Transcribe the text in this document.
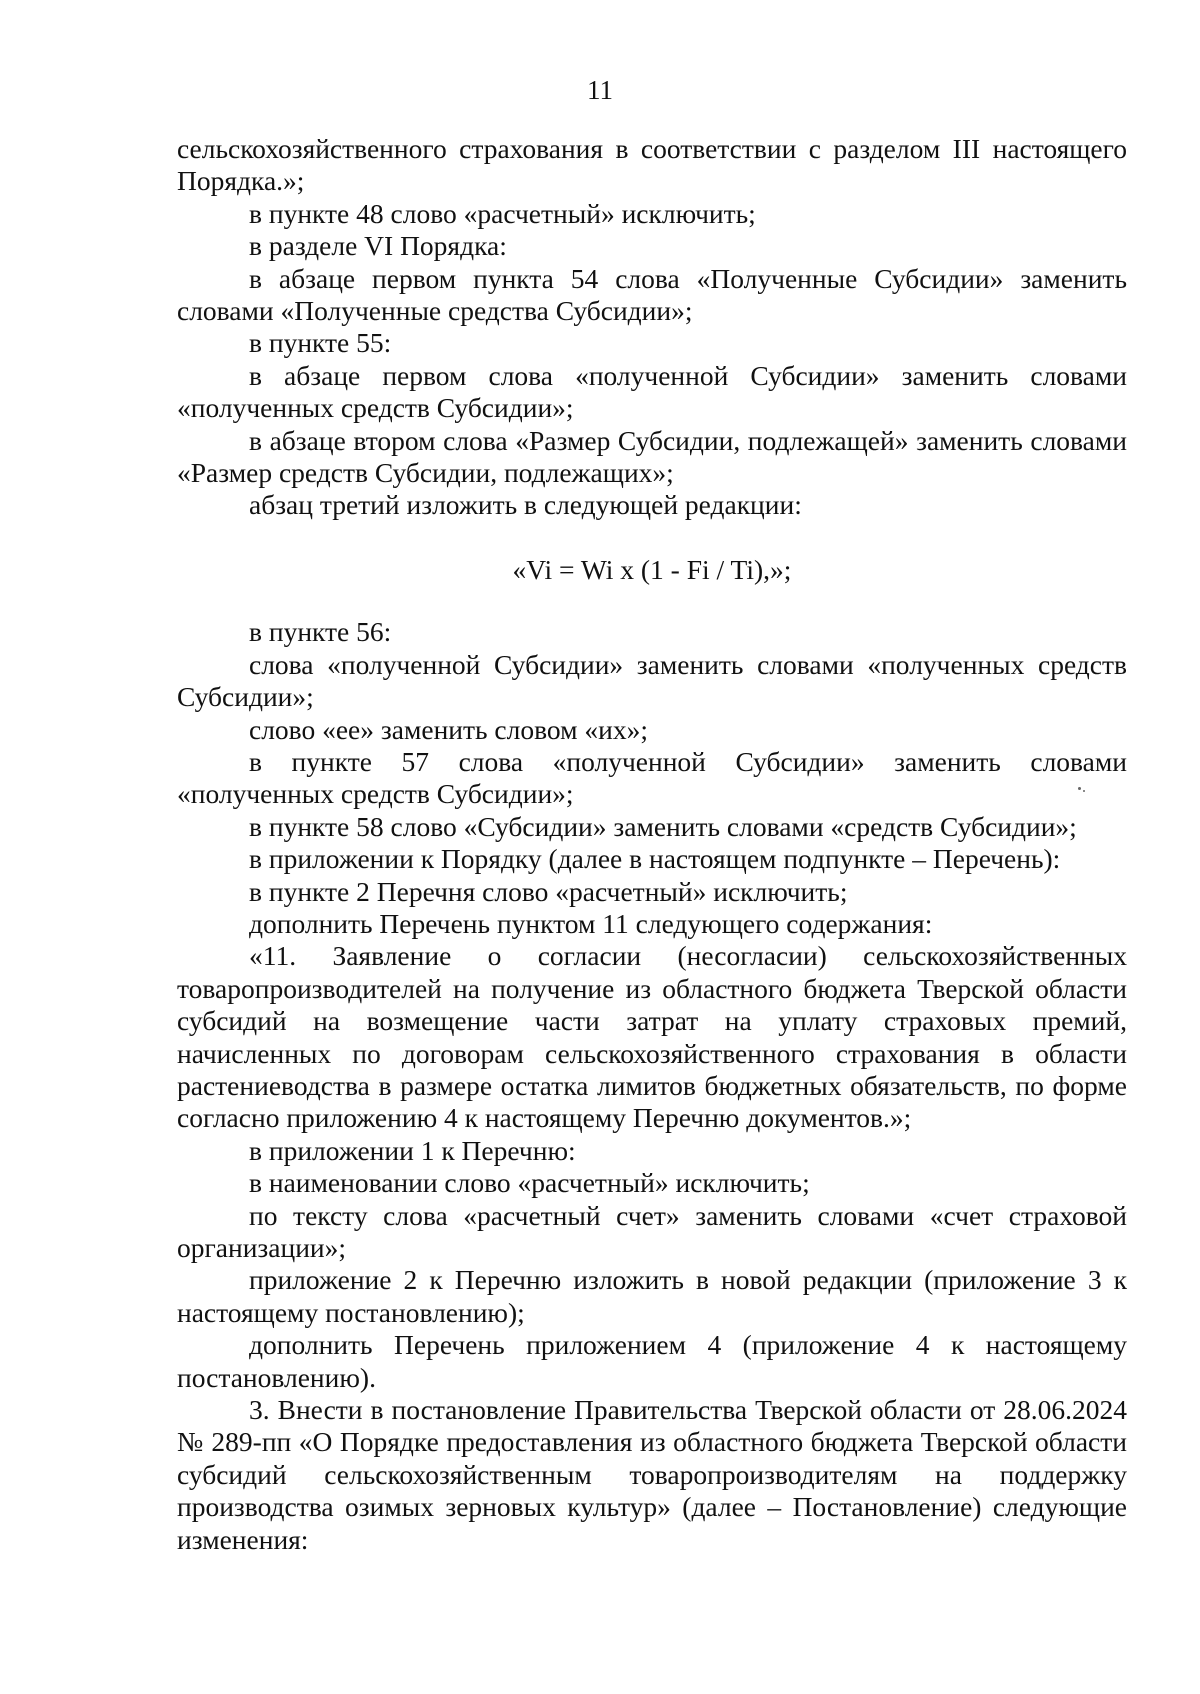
11

сельскохозяйственного страхования в соответствии с разделом III настоящего Порядка.»;

в пункте 48 слово «расчетный» исключить;

в разделе VI Порядка:

в абзаце первом пункта 54 слова «Полученные Субсидии» заменить словами «Полученные средства Субсидии»;

в пункте 55:

в абзаце первом слова «полученной Субсидии» заменить словами «полученных средств Субсидии»;

в абзаце втором слова «Размер Субсидии, подлежащей» заменить словами «Размер средств Субсидии, подлежащих»;

абзац третий изложить в следующей редакции:

«Vi = Wi x (1 - Fi / Ti),»;

в пункте 56:

слова «полученной Субсидии» заменить словами «полученных средств Субсидии»;

слово «ее» заменить словом «их»;

в пункте 57 слова «полученной Субсидии» заменить словами «полученных средств Субсидии»;

в пункте 58 слово «Субсидии» заменить словами «средств Субсидии»;

в приложении к Порядку (далее в настоящем подпункте – Перечень):

в пункте 2 Перечня слово «расчетный» исключить;

дополнить Перечень пунктом 11 следующего содержания:

«11. Заявление о согласии (несогласии) сельскохозяйственных товаропроизводителей на получение из областного бюджета Тверской области субсидий на возмещение части затрат на уплату страховых премий, начисленных по договорам сельскохозяйственного страхования в области растениеводства в размере остатка лимитов бюджетных обязательств, по форме согласно приложению 4 к настоящему Перечню документов.»;

в приложении 1 к Перечню:

в наименовании слово «расчетный» исключить;

по тексту слова «расчетный счет» заменить словами «счет страховой организации»;

приложение 2 к Перечню изложить в новой редакции (приложение 3 к настоящему постановлению);

дополнить Перечень приложением 4 (приложение 4 к настоящему постановлению).

3. Внести в постановление Правительства Тверской области от 28.06.2024 № 289-пп «О Порядке предоставления из областного бюджета Тверской области субсидий сельскохозяйственным товаропроизводителям на поддержку производства озимых зерновых культур» (далее – Постановление) следующие изменения:
